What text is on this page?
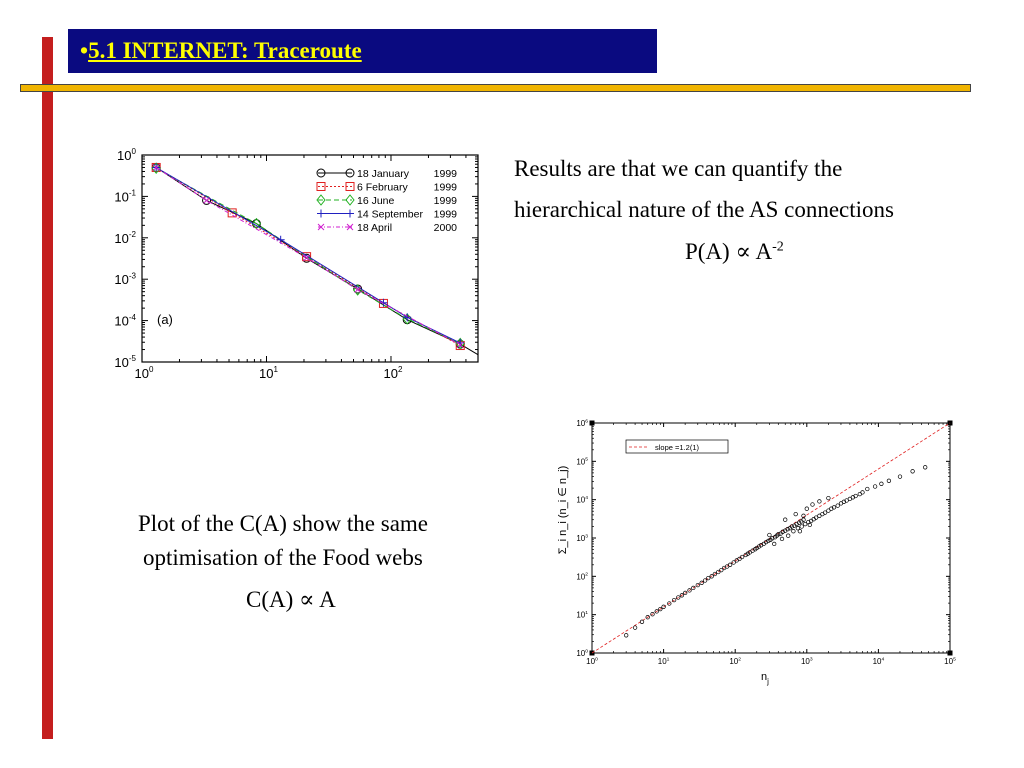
•5.1 INTERNET: Traceroute
$10^0$	$10^1$	$10^2$
$10^0$
$10^{-1}$
$10^{-2}$
$10^{-3}$
$10^{-4}$
$10^{-5}$
(a)
18 January 1999
6 February 1999
16 June	1999
14 September 1999
18 April	2000
$10^0$	$10^1$	$10^2$	$10^3$	$10^4$	$10^5$
$10^0$
$10^1$
$10^2$
$10^3$
$10^4$
$10^5$
$10^6$
slope =1.2(1)
$n_j$
Σ_i n_i (n_i ∈ n_j)
Results are that we can quantify the
hierarchical nature of the AS connections
$P(A) \propto A^{-2}$
Plot of the C(A) show the same
optimisation of the Food webs
C(A) ∝ A
